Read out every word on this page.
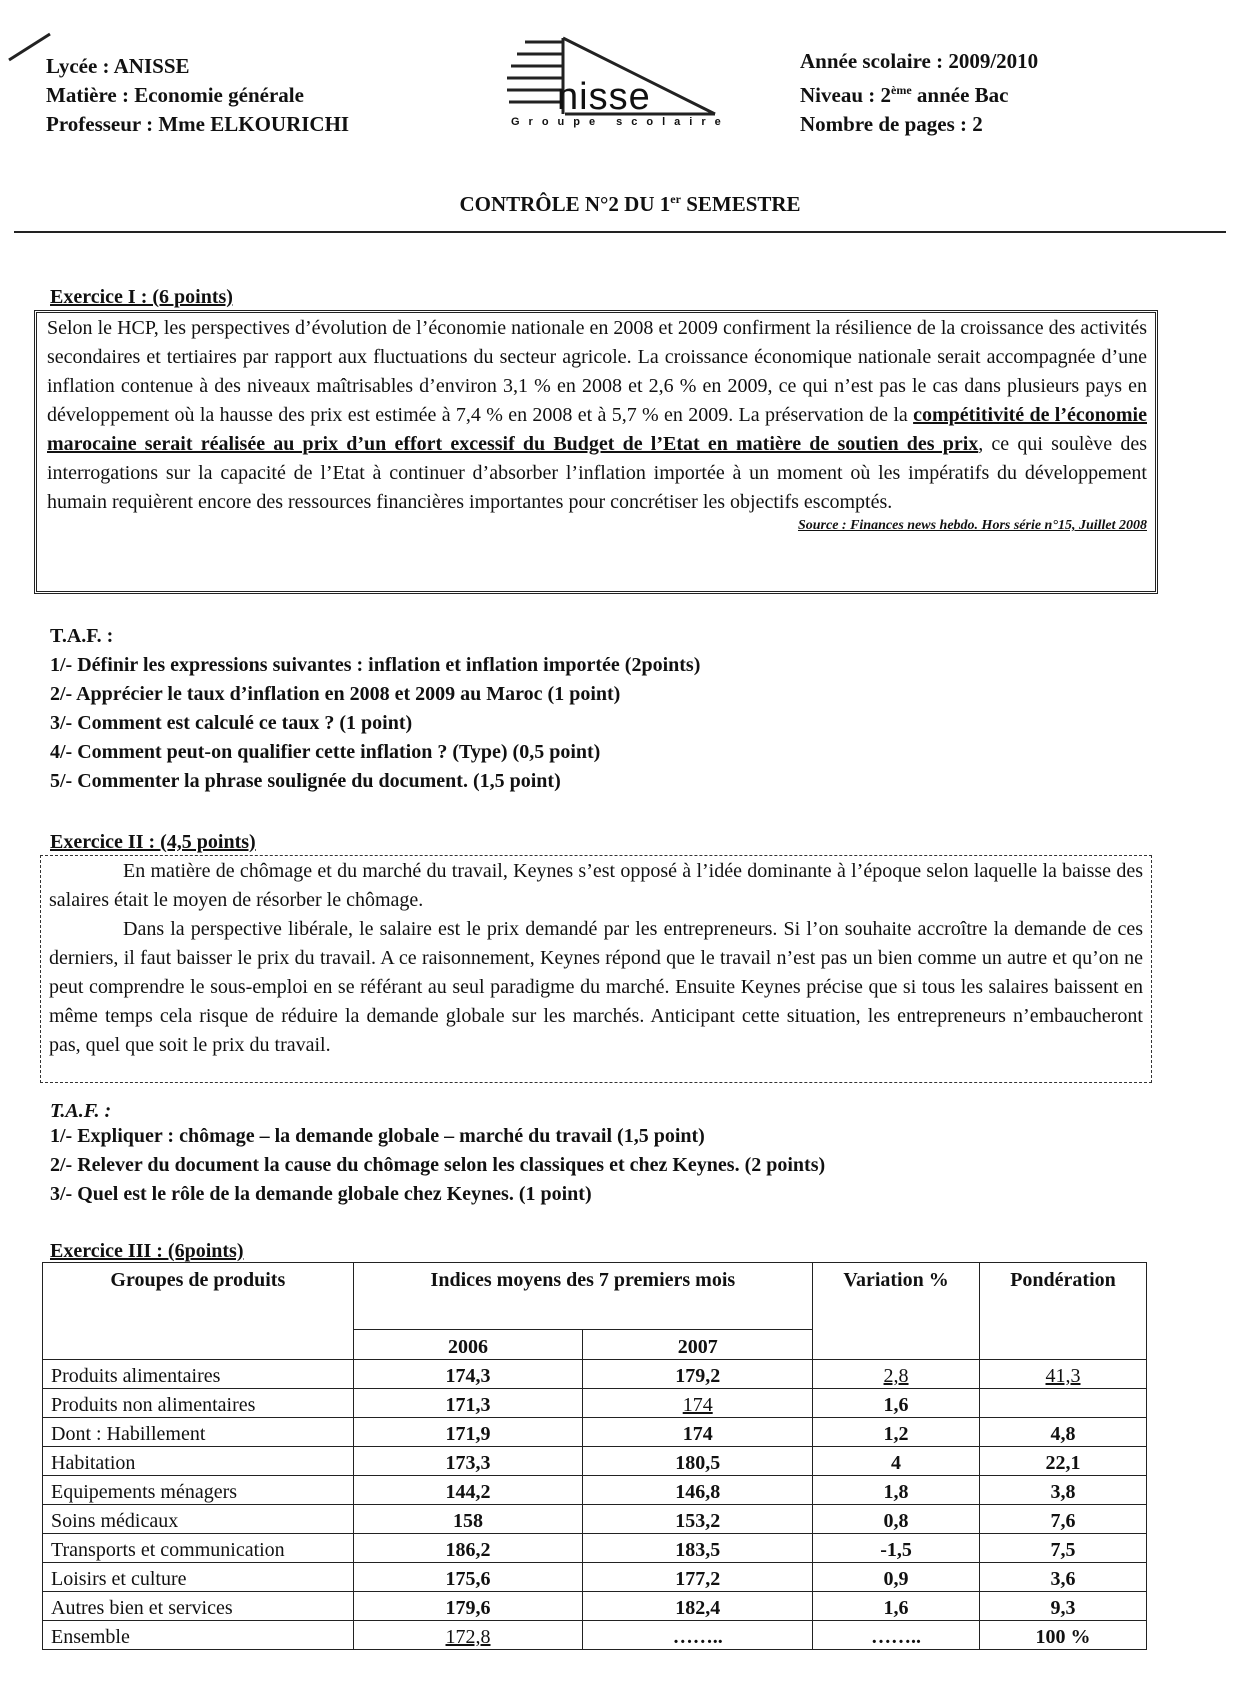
Lycée : ANISSE
Matière : Economie générale
Professeur : Mme ELKOURICHI
nisse
Groupe scolaire
Année scolaire : 2009/2010
Niveau : 2ème année Bac
Nombre de pages : 2
CONTRÔLE N°2 DU 1er SEMESTRE
Exercice I : (6 points)

Selon le HCP, les perspectives d’évolution de l’économie nationale en 2008 et 2009 confirment la résilience de la croissance des activités secondaires et tertiaires par rapport aux fluctuations du secteur agricole. La croissance économique nationale serait accompagnée d’une inflation contenue à des niveaux maîtrisables d’environ 3,1 % en 2008 et 2,6 % en 2009, ce qui n’est pas le cas dans plusieurs pays en développement où la hausse des prix est estimée à 7,4 % en 2008 et à 5,7 % en 2009. La préservation de la compétitivité de l’économie marocaine serait réalisée au prix d’un effort excessif du Budget de l’Etat en matière de soutien des prix, ce qui soulève des interrogations sur la capacité de l’Etat à continuer d’absorber l’inflation importée à un moment où les impératifs du développement humain requièrent encore des ressources financières importantes pour concrétiser les objectifs escomptés.

Source : Finances news hebdo. Hors série n°15, Juillet 2008
T.A.F. :
1/- Définir les expressions suivantes : inflation et inflation importée (2points)
2/- Apprécier le taux d’inflation en 2008 et 2009 au Maroc (1 point)
3/- Comment est calculé ce taux ? (1 point)
4/- Comment peut-on qualifier cette inflation ? (Type) (0,5 point)
5/- Commenter la phrase soulignée du document. (1,5 point)
Exercice II : (4,5 points)

En matière de chômage et du marché du travail, Keynes s’est opposé à l’idée dominante à l’époque selon laquelle la baisse des salaires était le moyen de résorber le chômage.

Dans la perspective libérale, le salaire est le prix demandé par les entrepreneurs. Si l’on souhaite accroître la demande de ces derniers, il faut baisser le prix du travail. A ce raisonnement, Keynes répond que le travail n’est pas un bien comme un autre et qu’on ne peut comprendre le sous-emploi en se référant au seul paradigme du marché. Ensuite Keynes précise que si tous les salaires baissent en même temps cela risque de réduire la demande globale sur les marchés. Anticipant cette situation, les entrepreneurs n’embaucheront pas, quel que soit le prix du travail.

T.A.F. :
1/- Expliquer : chômage – la demande globale – marché du travail (1,5 point)
2/- Relever du document la cause du chômage selon les classiques et chez Keynes. (2 points)
3/- Quel est le rôle de la demande globale chez Keynes. (1 point)
Exercice III : (6points)
Groupes de produits	Indices moyens des 7 premiers mois		Variation %	Pondération
	2006	2007		
Produits alimentaires	174,3	179,2	2,8	41,3
Produits non alimentaires	171,3	174	1,6	
Dont : Habillement	171,9	174	1,2	4,8
Habitation	173,3	180,5	4	22,1
Equipements ménagers	144,2	146,8	1,8	3,8
Soins médicaux	158	153,2	0,8	7,6
Transports et communication	186,2	183,5	-1,5	7,5
Loisirs et culture	175,6	177,2	0,9	3,6
Autres bien et services	179,6	182,4	1,6	9,3
Ensemble	172,8	……..	……..	100 %
